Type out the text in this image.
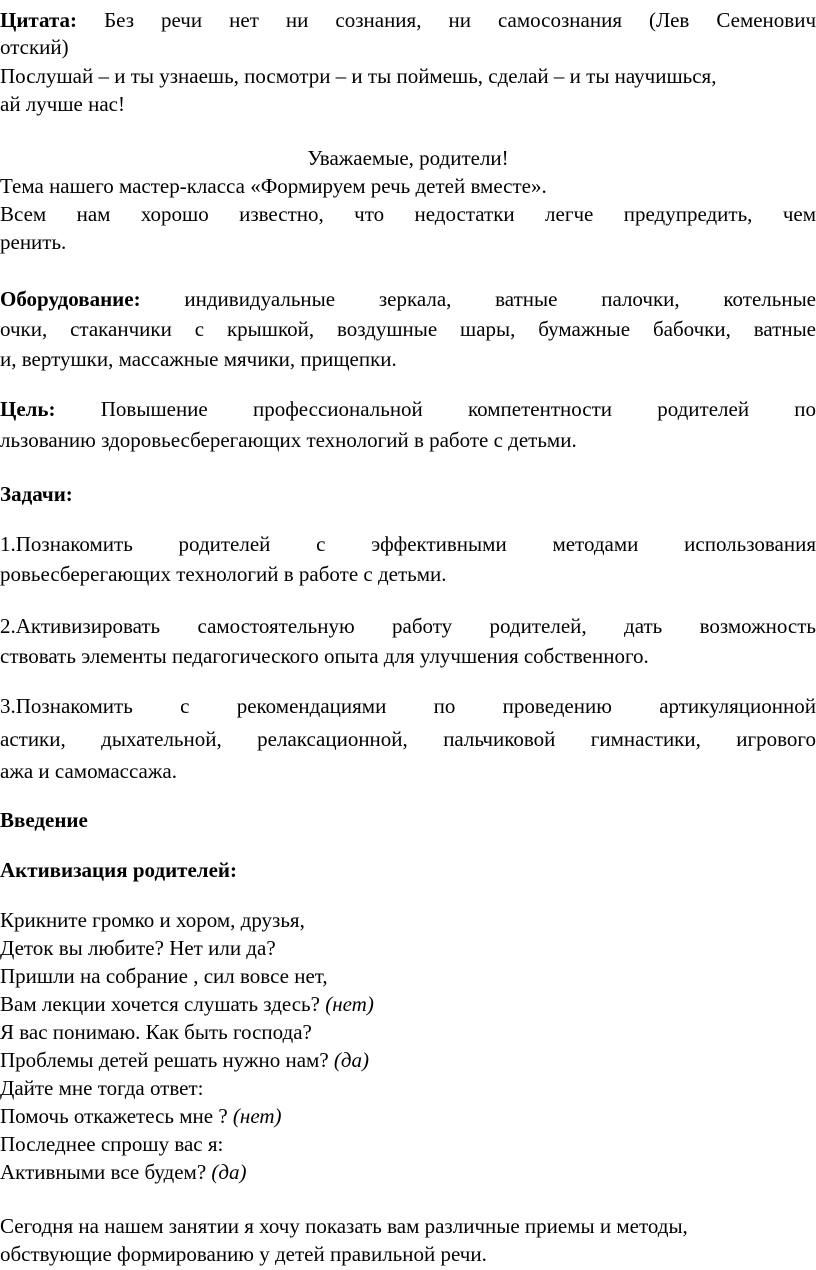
Цитата: Без речи нет ни сознания, ни самосознания (Лев Семенович

отский)

Послушай – и ты узнаешь, посмотри – и ты поймешь, сделай – и ты научишься,

ай лучше нас!

Уважаемые, родители!

Тема нашего мастер-класса «Формируем речь детей вместе».

Всем нам хорошо известно, что недостатки легче предупредить, чем

ренить.

Оборудование: индивидуальные зеркала, ватные палочки, котельные

очки, стаканчики с крышкой, воздушные шары, бумажные бабочки, ватные

и, вертушки, массажные мячики, прищепки.

Цель: Повышение профессиональной компетентности родителей по

льзованию здоровьесберегающих технологий в работе с детьми.

Задачи:

1.Познакомить родителей с эффективными методами использования

ровьесберегающих технологий в работе с детьми.

2.Активизировать самостоятельную работу родителей, дать возможность

ствовать элементы педагогического опыта для улучшения собственного.

3.Познакомить с рекомендациями по проведению артикуляционной

астики, дыхательной, релаксационной, пальчиковой гимнастики, игрового

ажа и самомассажа.

Введение

Активизация родителей:

Крикните громко и хором, друзья,

Деток вы любите? Нет или да?

Пришли на собрание , сил вовсе нет,

Вам лекции хочется слушать здесь? (нет)

Я вас понимаю. Как быть господа?

Проблемы детей решать нужно нам? (да)

Дайте мне тогда ответ:

Помочь откажетесь мне ? (нет)

Последнее спрошу вас я:

Активными все будем? (да)

Сегодня на нашем занятии я хочу показать вам различные приемы и методы,

обствующие формированию у детей правильной речи.
